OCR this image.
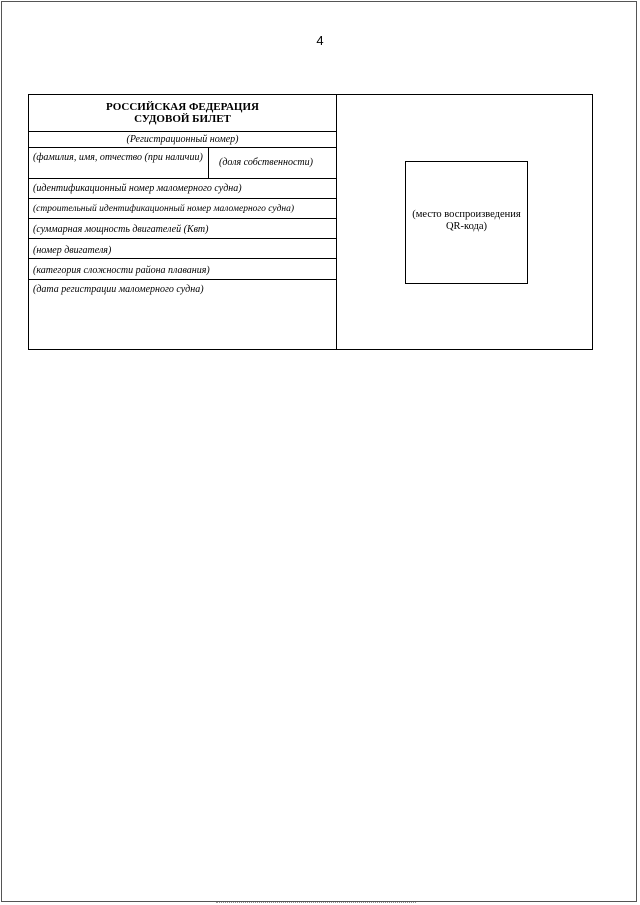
4
РОССИЙСКАЯ ФЕДЕРАЦИЯ
СУДОВОЙ БИЛЕТ
(Регистрационный номер)
(фамилия, имя, отчество (при наличии) (доля собственности)
(идентификационный номер маломерного судна)
(строительный идентификационный номер маломерного судна)
(суммарная мощность двигателей (Квт)
(номер двигателя)
(категория сложности района плавания)
(дата регистрации маломерного судна)
(место воспроизведения QR-кода)
